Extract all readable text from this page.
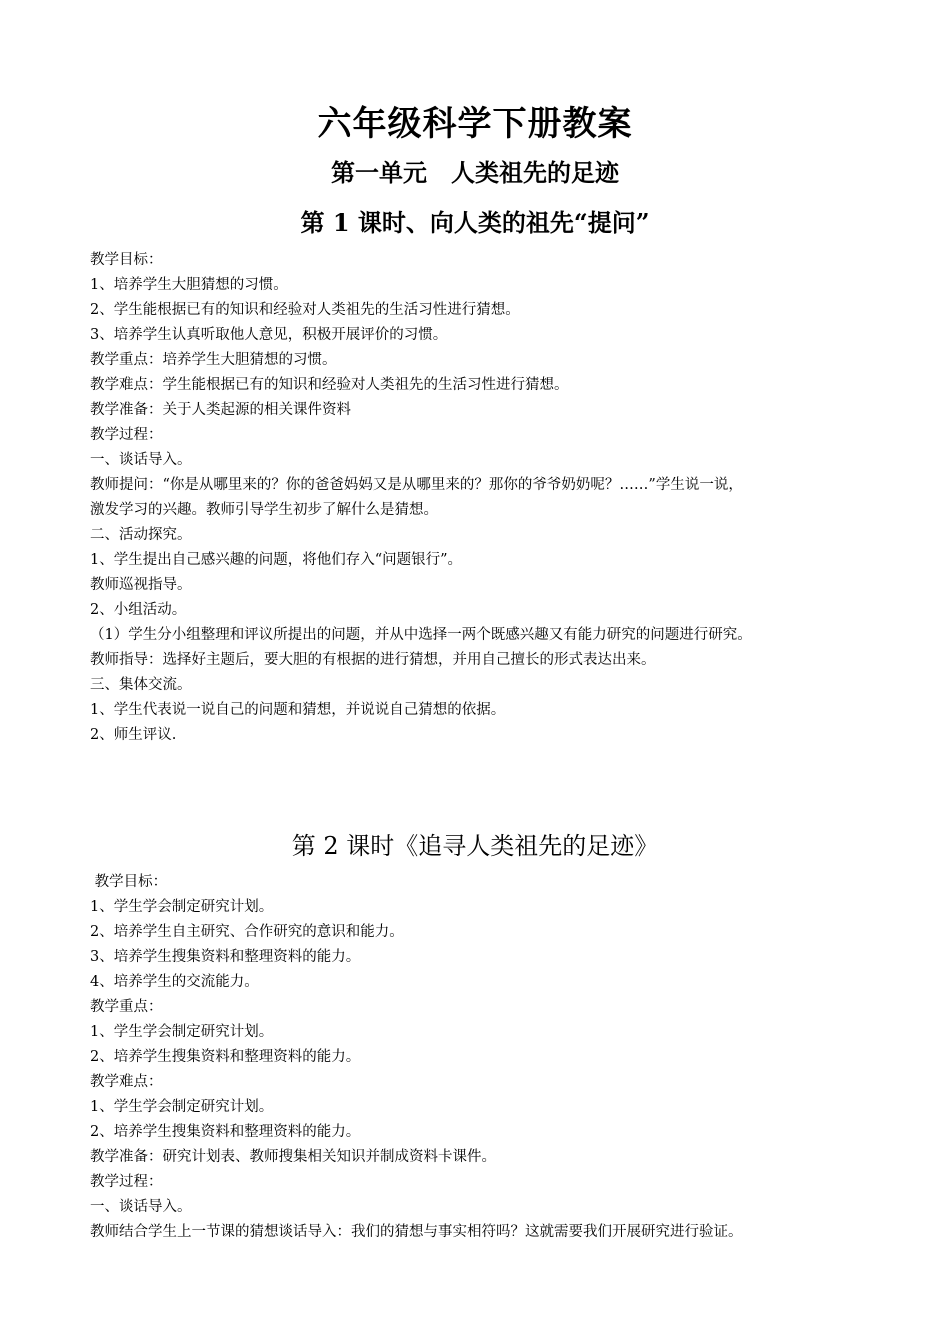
六年级科学下册教案
第一单元　人类祖先的足迹
第 1 课时、向人类的祖先“提问”
教学目标：
1、培养学生大胆猜想的习惯。
2、学生能根据已有的知识和经验对人类祖先的生活习性进行猜想。
3、培养学生认真听取他人意见，积极开展评价的习惯。
教学重点：培养学生大胆猜想的习惯。
教学难点：学生能根据已有的知识和经验对人类祖先的生活习性进行猜想。
教学准备：关于人类起源的相关课件资料
教学过程：
一、谈话导入。
教师提问：“你是从哪里来的？你的爸爸妈妈又是从哪里来的？那你的爷爷奶奶呢？……”学生说一说，
激发学习的兴趣。教师引导学生初步了解什么是猜想。
二、活动探究。
1、学生提出自己感兴趣的问题，将他们存入“问题银行”。
教师巡视指导。
2、小组活动。
（1）学生分小组整理和评议所提出的问题，并从中选择一两个既感兴趣又有能力研究的问题进行研究。
教师指导：选择好主题后，要大胆的有根据的进行猜想，并用自己擅长的形式表达出来。
三、集体交流。
1、学生代表说一说自己的问题和猜想，并说说自己猜想的依据。
2、师生评议.
第 2 课时《追寻人类祖先的足迹》
教学目标：
1、学生学会制定研究计划。
2、培养学生自主研究、合作研究的意识和能力。
3、培养学生搜集资料和整理资料的能力。
4、培养学生的交流能力。
教学重点：
1、学生学会制定研究计划。
2、培养学生搜集资料和整理资料的能力。
教学难点：
1、学生学会制定研究计划。
2、培养学生搜集资料和整理资料的能力。
教学准备：研究计划表、教师搜集相关知识并制成资料卡课件。
教学过程：
一、谈话导入。
教师结合学生上一节课的猜想谈话导入：我们的猜想与事实相符吗？这就需要我们开展研究进行验证。
